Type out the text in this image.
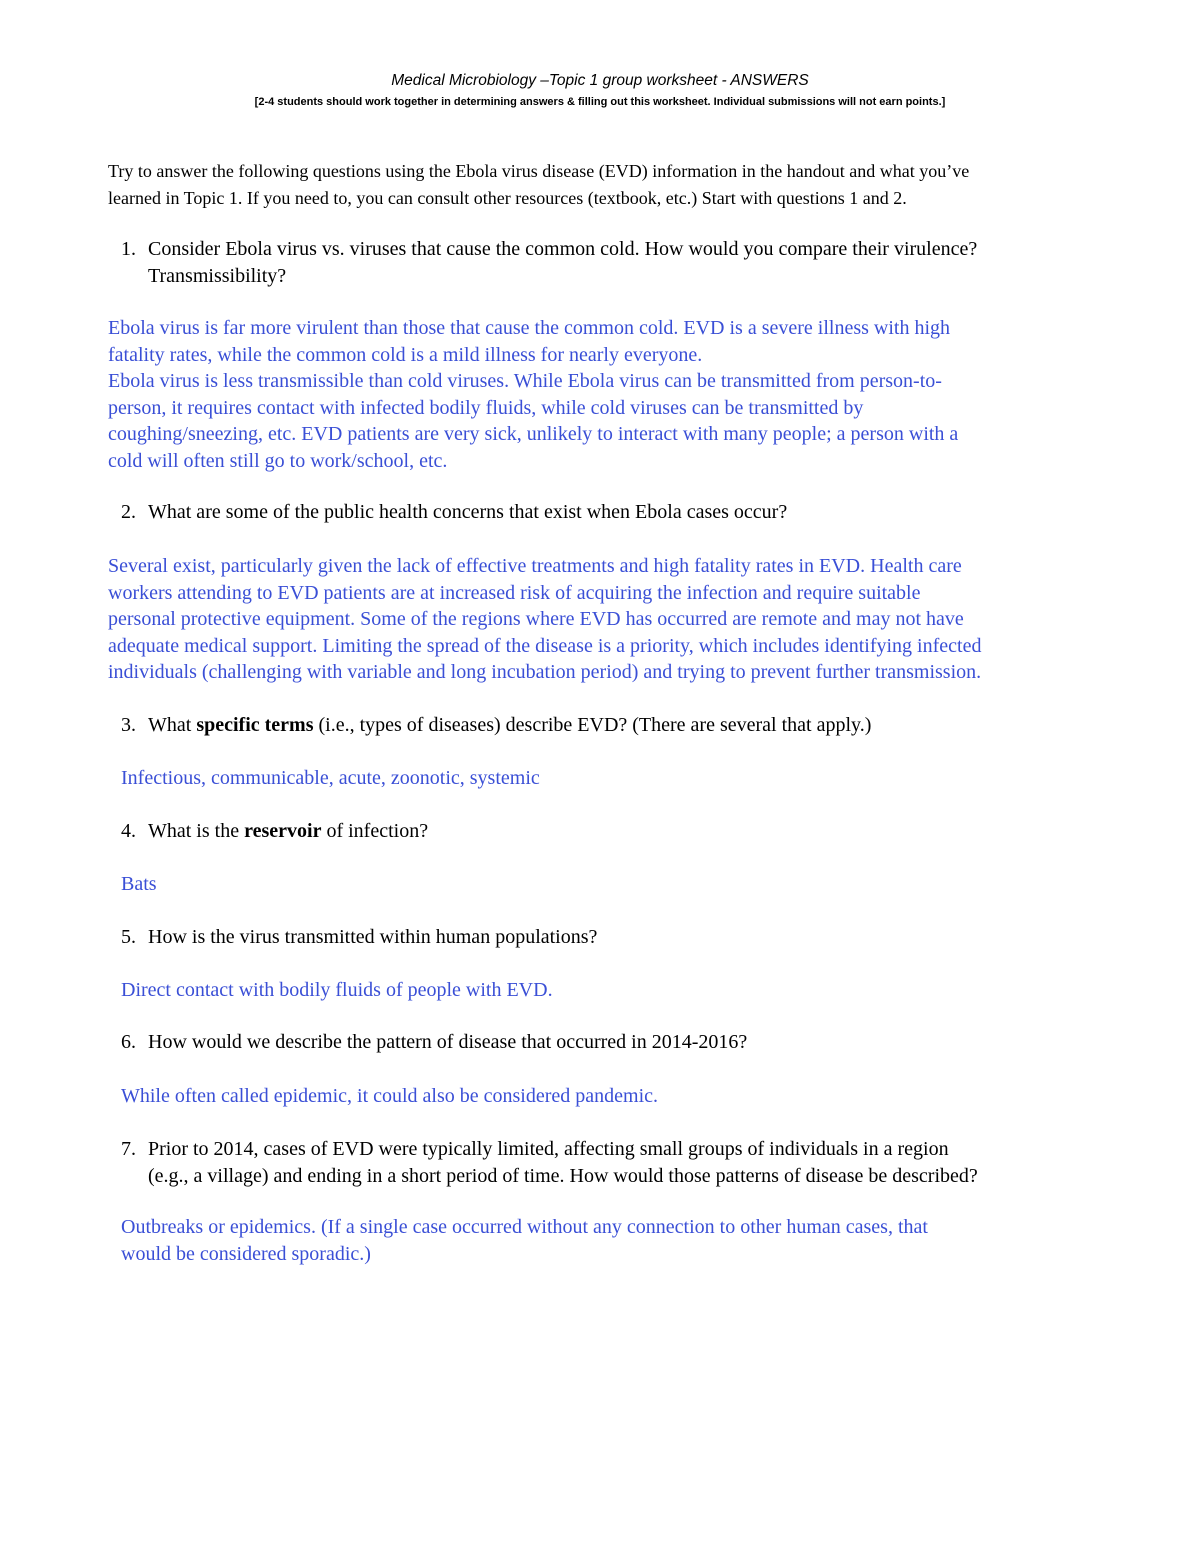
Medical Microbiology –Topic 1 group worksheet - ANSWERS
[2-4 students should work together in determining answers & filling out this worksheet. Individual submissions will not earn points.]
Try to answer the following questions using the Ebola virus disease (EVD) information in the handout and what you’ve
learned in Topic 1. If you need to, you can consult other resources (textbook, etc.) Start with questions 1 and 2.
1. Consider Ebola virus vs. viruses that cause the common cold. How would you compare their virulence?
Transmissibility?

Ebola virus is far more virulent than those that cause the common cold. EVD is a severe illness with high

fatality rates, while the common cold is a mild illness for nearly everyone.

Ebola virus is less transmissible than cold viruses. While Ebola virus can be transmitted from person-to-

person, it requires contact with infected bodily fluids, while cold viruses can be transmitted by

coughing/sneezing, etc. EVD patients are very sick, unlikely to interact with many people; a person with a

cold will often still go to work/school, etc.

2. What are some of the public health concerns that exist when Ebola cases occur?

Several exist, particularly given the lack of effective treatments and high fatality rates in EVD. Health care

workers attending to EVD patients are at increased risk of acquiring the infection and require suitable

personal protective equipment. Some of the regions where EVD has occurred are remote and may not have

adequate medical support. Limiting the spread of the disease is a priority, which includes identifying infected

individuals (challenging with variable and long incubation period) and trying to prevent further transmission.

3. What specific terms (i.e., types of diseases) describe EVD? (There are several that apply.)

Infectious, communicable, acute, zoonotic, systemic

4. What is the reservoir of infection?

Bats

5. How is the virus transmitted within human populations?

Direct contact with bodily fluids of people with EVD.

6. How would we describe the pattern of disease that occurred in 2014-2016?

While often called epidemic, it could also be considered pandemic.

7. Prior to 2014, cases of EVD were typically limited, affecting small groups of individuals in a region
(e.g., a village) and ending in a short period of time. How would those patterns of disease be described?

Outbreaks or epidemics. (If a single case occurred without any connection to other human cases, that

would be considered sporadic.)
